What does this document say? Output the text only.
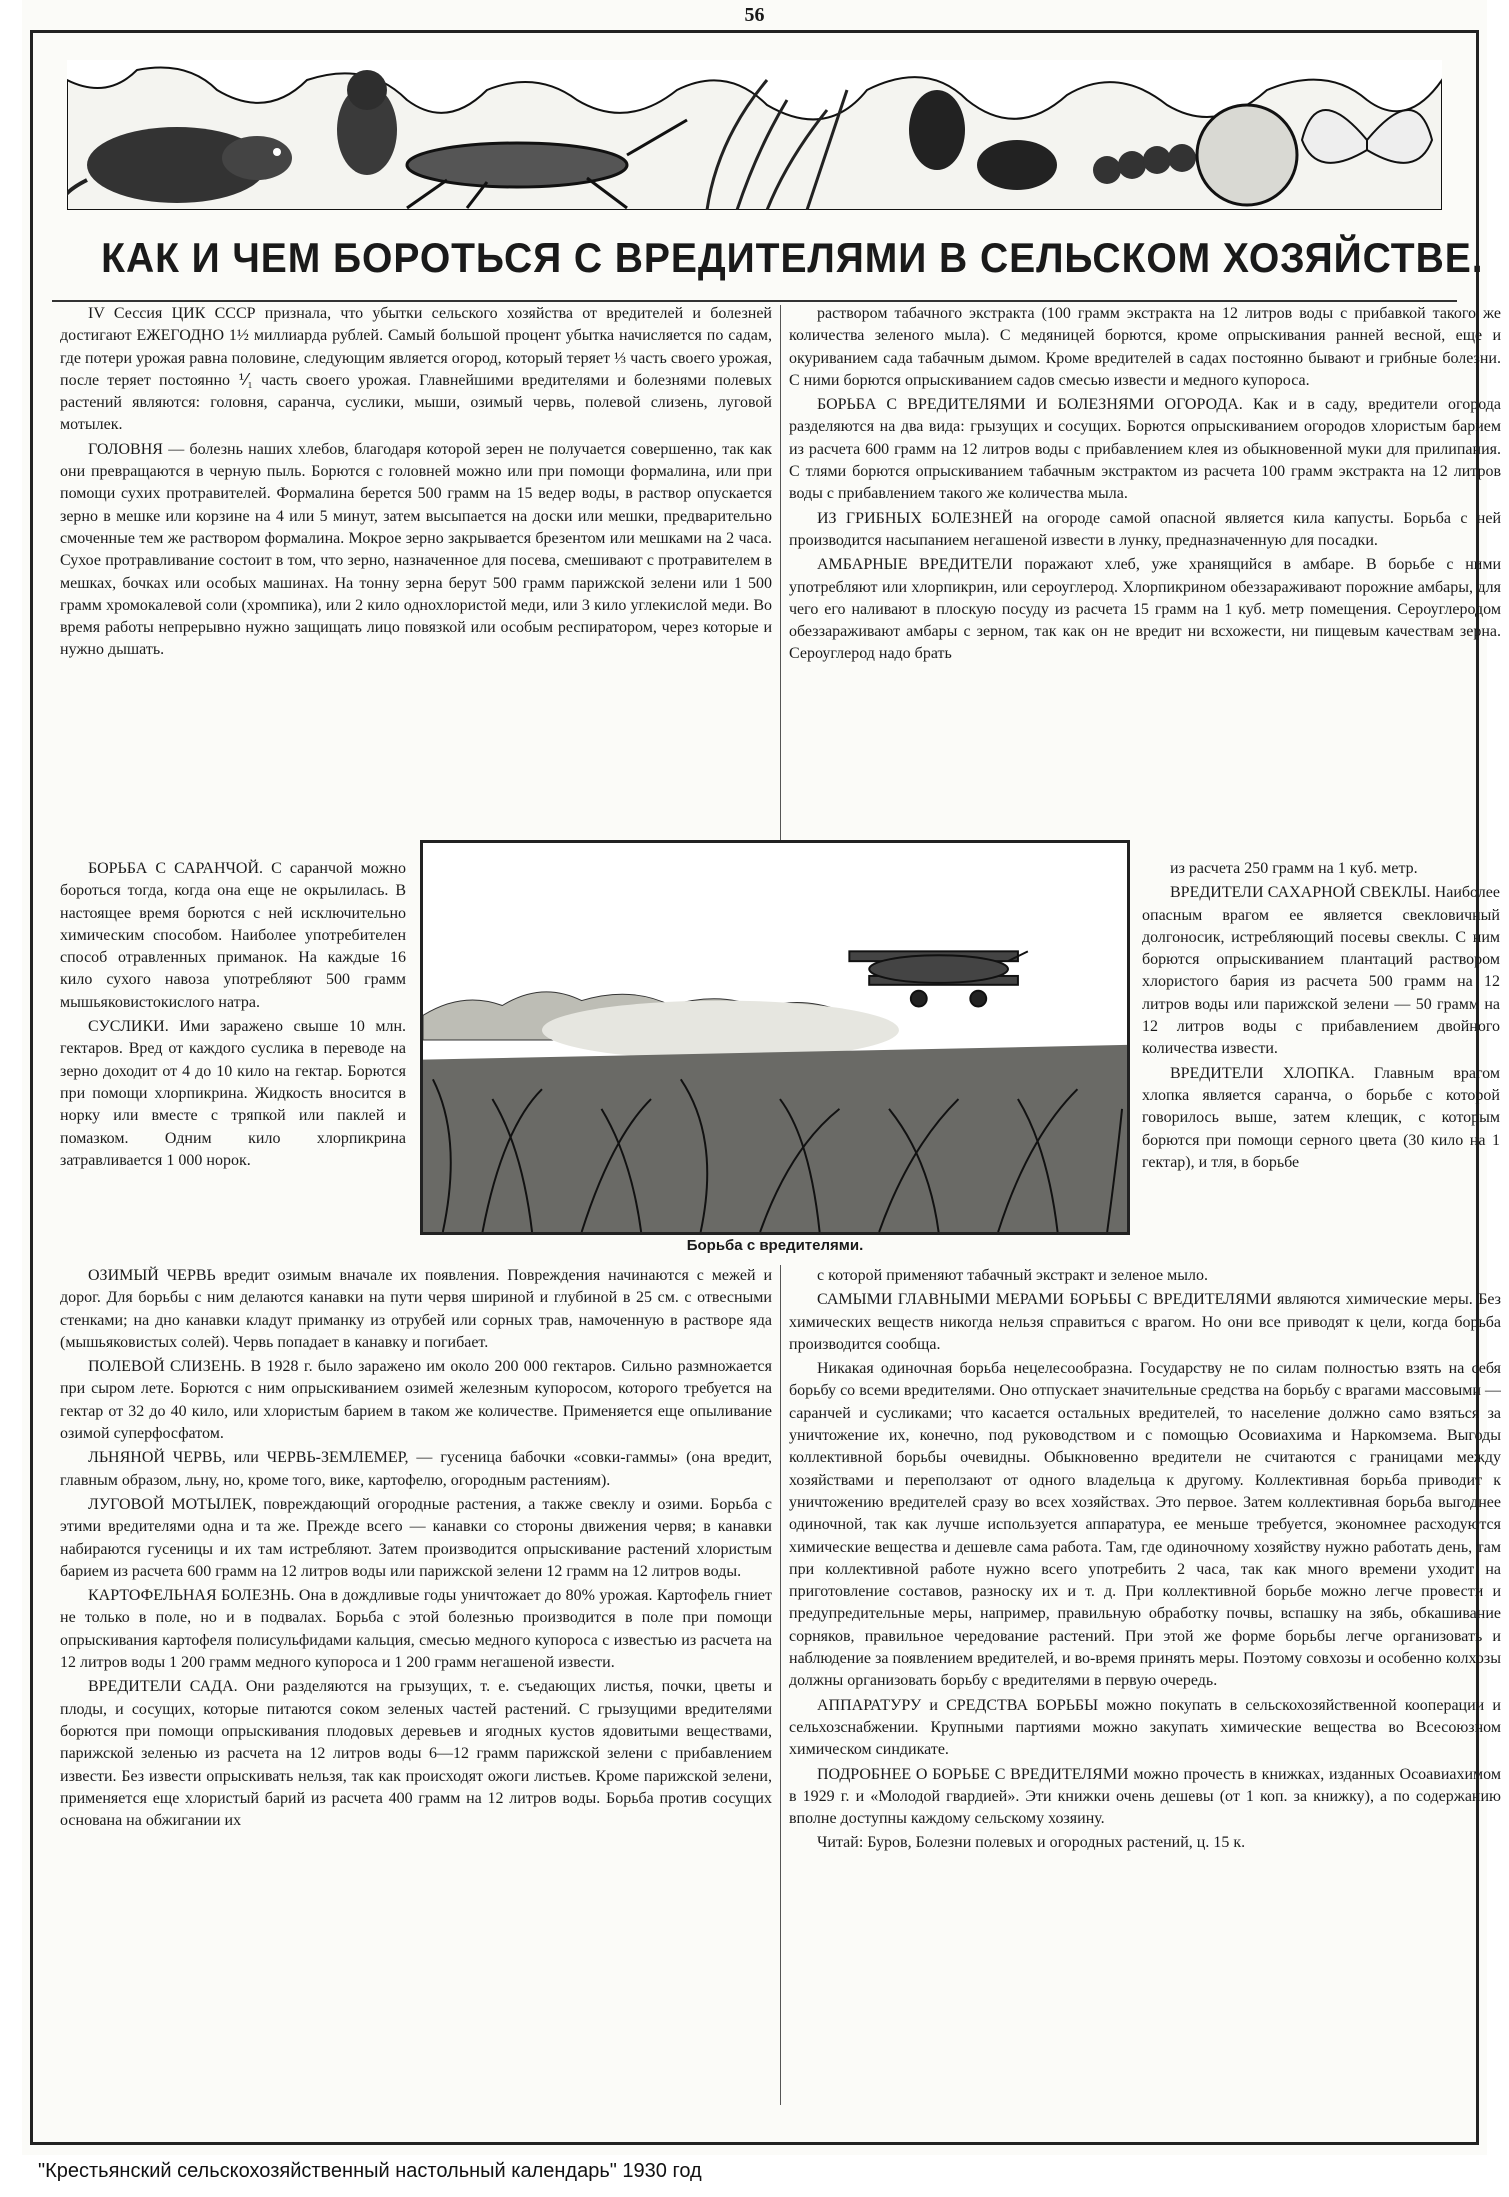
56
КАК И ЧЕМ БОРОТЬСЯ С ВРЕДИТЕЛЯМИ В СЕЛЬСКОМ ХОЗЯЙСТВЕ.

IV Сессия ЦИК СССР признала, что убытки сельского хозяйства от вредителей и болезней достигают ЕЖЕГОДНО 1½ миллиарда рублей. Самый большой процент убытка начисляется по садам, где потери урожая равна половине, следующим является огород, который теряет ⅓ часть своего урожая, после теряет постоянно ⅟₁ часть своего урожая. Главнейшими вредителями и болезнями полевых растений являются: головня, саранча, суслики, мыши, озимый червь, полевой слизень, луговой мотылек.

ГОЛОВНЯ — болезнь наших хлебов, благодаря которой зерен не получается совершенно, так как они превращаются в черную пыль. Борются с головней можно или при помощи формалина, или при помощи сухих протравителей. Формалина берется 500 грамм на 15 ведер воды, в раствор опускается зерно в мешке или корзине на 4 или 5 минут, затем высыпается на доски или мешки, предварительно смоченные тем же раствором формалина. Мокрое зерно закрывается брезентом или мешками на 2 часа. Сухое протравливание состоит в том, что зерно, назначенное для посева, смешивают с протравителем в мешках, бочках или особых машинах. На тонну зерна берут 500 грамм парижской зелени или 1 500 грамм хромокалевой соли (хромпика), или 2 кило однохлористой меди, или 3 кило углекислой меди. Во время работы непрерывно нужно защищать лицо повязкой или особым респиратором, через которые и нужно дышать.

раствором табачного экстракта (100 грамм экстракта на 12 литров воды с прибавкой такого же количества зеленого мыла). С медяницей борются, кроме опрыскивания ранней весной, еще и окуриванием сада табачным дымом. Кроме вредителей в садах постоянно бывают и грибные болезни. С ними борются опрыскиванием садов смесью извести и медного купороса.

БОРЬБА С ВРЕДИТЕЛЯМИ И БОЛЕЗНЯМИ ОГОРОДА. Как и в саду, вредители огорода разделяются на два вида: грызущих и сосущих. Борются опрыскиванием огородов хлористым барием из расчета 600 грамм на 12 литров воды с прибавлением клея из обыкновенной муки для прилипания. С тлями борются опрыскиванием табачным экстрактом из расчета 100 грамм экстракта на 12 литров воды с прибавлением такого же количества мыла.

ИЗ ГРИБНЫХ БОЛЕЗНЕЙ на огороде самой опасной является кила капусты. Борьба с ней производится насыпанием негашеной извести в лунку, предназначенную для посадки.

АМБАРНЫЕ ВРЕДИТЕЛИ поражают хлеб, уже хранящийся в амбаре. В борьбе с ними употребляют или хлорпикрин, или сероуглерод. Хлорпикрином обеззараживают порожние амбары, для чего его наливают в плоскую посуду из расчета 15 грамм на 1 куб. метр помещения. Сероуглеродом обеззараживают амбары с зерном, так как он не вредит ни всхожести, ни пищевым качествам зерна. Сероуглерод надо брать

БОРЬБА С САРАНЧОЙ. С саранчой можно бороться тогда, когда она еще не окрылилась. В настоящее время борются с ней исключительно химическим способом. Наиболее употребителен способ отравленных приманок. На каждые 16 кило сухого навоза употребляют 500 грамм мышьяковистокислого натра.

СУСЛИКИ. Ими заражено свыше 10 млн. гектаров. Вред от каждого суслика в переводе на зерно доходит от 4 до 10 кило на гектар. Борются при помощи хлорпикрина. Жидкость вносится в норку или вместе с тряпкой или паклей и помазком. Одним кило хлорпикрина затравливается 1 000 норок.

Борьба с вредителями.

из расчета 250 грамм на 1 куб. метр.

ВРЕДИТЕЛИ САХАРНОЙ СВЕКЛЫ. Наиболее опасным врагом ее является свекловичный долгоносик, истребляющий посевы свеклы. С ним борются опрыскиванием плантаций раствором хлористого бария из расчета 500 грамм на 12 литров воды или парижской зелени — 50 грамм на 12 литров воды с прибавлением двойного количества извести.

ВРЕДИТЕЛИ ХЛОПКА. Главным врагом хлопка является саранча, о борьбе с которой говорилось выше, затем клещик, с которым борются при помощи серного цвета (30 кило на 1 гектар), и тля, в борьбе

ОЗИМЫЙ ЧЕРВЬ вредит озимым вначале их появления. Повреждения начинаются с межей и дорог. Для борьбы с ним делаются канавки на пути червя шириной и глубиной в 25 см. с отвесными стенками; на дно канавки кладут приманку из отрубей или сорных трав, намоченную в растворе яда (мышьяковистых солей). Червь попадает в канавку и погибает.

ПОЛЕВОЙ СЛИЗЕНЬ. В 1928 г. было заражено им около 200 000 гектаров. Сильно размножается при сыром лете. Борются с ним опрыскиванием озимей железным купоросом, которого требуется на гектар от 32 до 40 кило, или хлористым барием в таком же количестве. Применяется еще опыливание озимой суперфосфатом.

ЛЬНЯНОЙ ЧЕРВЬ, или ЧЕРВЬ-ЗЕМЛЕМЕР, — гусеница бабочки «совки-гаммы» (она вредит, главным образом, льну, но, кроме того, вике, картофелю, огородным растениям).

ЛУГОВОЙ МОТЫЛЕК, повреждающий огородные растения, а также свеклу и озими. Борьба с этими вредителями одна и та же. Прежде всего — канавки со стороны движения червя; в канавки набираются гусеницы и их там истребляют. Затем производится опрыскивание растений хлористым барием из расчета 600 грамм на 12 литров воды или парижской зелени 12 грамм на 12 литров воды.

КАРТОФЕЛЬНАЯ БОЛЕЗНЬ. Она в дождливые годы уничтожает до 80% урожая. Картофель гниет не только в поле, но и в подвалах. Борьба с этой болезнью производится в поле при помощи опрыскивания картофеля полисульфидами кальция, смесью медного купороса с известью из расчета на 12 литров воды 1 200 грамм медного купороса и 1 200 грамм негашеной извести.

ВРЕДИТЕЛИ САДА. Они разделяются на грызущих, т. е. съедающих листья, почки, цветы и плоды, и сосущих, которые питаются соком зеленых частей растений. С грызущими вредителями борются при помощи опрыскивания плодовых деревьев и ягодных кустов ядовитыми веществами, парижской зеленью из расчета на 12 литров воды 6—12 грамм парижской зелени с прибавлением извести. Без извести опрыскивать нельзя, так как происходят ожоги листьев. Кроме парижской зелени, применяется еще хлористый барий из расчета 400 грамм на 12 литров воды. Борьба против сосущих основана на обжигании их

с которой применяют табачный экстракт и зеленое мыло.

САМЫМИ ГЛАВНЫМИ МЕРАМИ БОРЬБЫ С ВРЕДИТЕЛЯМИ являются химические меры. Без химических веществ никогда нельзя справиться с врагом. Но они все приводят к цели, когда борьба производится сообща.

Никакая одиночная борьба нецелесообразна. Государству не по силам полностью взять на себя борьбу со всеми вредителями. Оно отпускает значительные средства на борьбу с врагами массовыми — саранчей и сусликами; что касается остальных вредителей, то население должно само взяться за уничтожение их, конечно, под руководством и с помощью Осовиахима и Наркомзема. Выгоды коллективной борьбы очевидны. Обыкновенно вредители не считаются с границами между хозяйствами и переползают от одного владельца к другому. Коллективная борьба приводит к уничтожению вредителей сразу во всех хозяйствах. Это первое. Затем коллективная борьба выгоднее одиночной, так как лучше используется аппаратура, ее меньше требуется, экономнее расходуются химические вещества и дешевле сама работа. Там, где одиночному хозяйству нужно работать день, там при коллективной работе нужно всего употребить 2 часа, так как много времени уходит на приготовление составов, разноску их и т. д. При коллективной борьбе можно легче провести и предупредительные меры, например, правильную обработку почвы, вспашку на зябь, обкашивание сорняков, правильное чередование растений. При этой же форме борьбы легче организовать и наблюдение за появлением вредителей, и во-время принять меры. Поэтому совхозы и особенно колхозы должны организовать борьбу с вредителями в первую очередь.

АППАРАТУРУ и СРЕДСТВА БОРЬБЫ можно покупать в сельскохозяйственной кооперации и сельхозснабжении. Крупными партиями можно закупать химические вещества во Всесоюзном химическом синдикате.

ПОДРОБНЕЕ О БОРЬБЕ С ВРЕДИТЕЛЯМИ можно прочесть в книжках, изданных Осоавиахимом в 1929 г. и «Молодой гвардией». Эти книжки очень дешевы (от 1 коп. за книжку), а по содержанию вполне доступны каждому сельскому хозяину.

Читай: Буров, Болезни полевых и огородных растений, ц. 15 к.

"Крестьянский сельскохозяйственный настольный календарь" 1930 год
